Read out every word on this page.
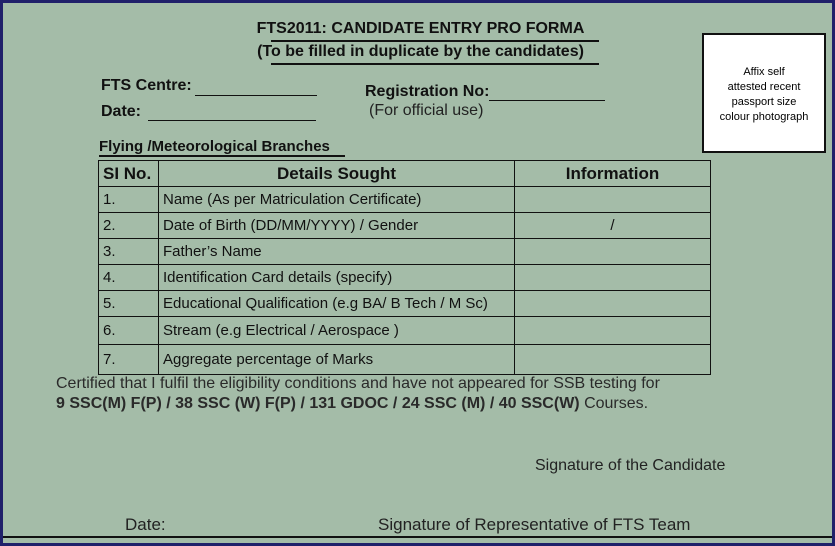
FTS2011: CANDIDATE ENTRY PRO FORMA
(To be filled in duplicate by the candidates)
FTS Centre:
Date:
Registration No:
(For official use)
Affix self
attested recent
passport size
colour photograph
Flying /Meteorological Branches
SI No.	Details Sought	Information
1.	Name (As per Matriculation Certificate)	
2.	Date of Birth (DD/MM/YYYY) / Gender	/
3.	Father’s Name	
4.	Identification Card details (specify)	
5.	Educational Qualification (e.g BA/ B Tech / M Sc)	
6.	Stream (e.g Electrical / Aerospace )	
7.	Aggregate percentage of Marks	
Certified that I fulfil the eligibility conditions and have not appeared for SSB testing for
9 SSC(M) F(P) / 38 SSC (W) F(P) / 131 GDOC / 24 SSC (M) / 40 SSC(W) Courses.
Signature of the Candidate
Date:	Signature of Representative of FTS Team
